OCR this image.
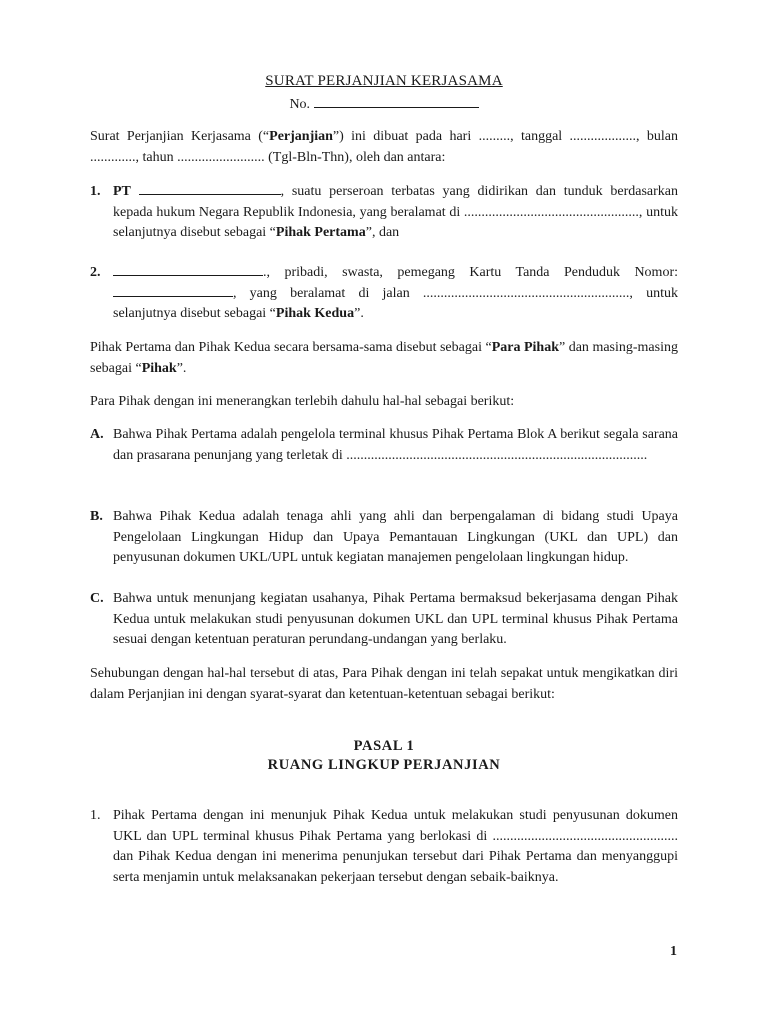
SURAT PERJANJIAN KERJASAMA
No.
Surat Perjanjian Kerjasama (“Perjanjian”) ini dibuat pada hari ........., tanggal ..................., bulan ............., tahun ......................... (Tgl-Bln-Thn), oleh dan antara:
1. PT	, suatu perseroan terbatas yang didirikan dan tunduk berdasarkan kepada hukum Negara Republik Indonesia, yang beralamat di .................................................., untuk selanjutnya disebut sebagai “Pihak Pertama”, dan
2.	., pribadi, swasta, pemegang Kartu Tanda Penduduk Nomor:, yang beralamat di jalan ..........................................................., untuk selanjutnya disebut sebagai “Pihak Kedua”.
Pihak Pertama dan Pihak Kedua secara bersama-sama disebut sebagai “Para Pihak” dan masing-masing sebagai “Pihak”.
Para Pihak dengan ini menerangkan terlebih dahulu hal-hal sebagai berikut:
A. Bahwa Pihak Pertama adalah pengelola terminal khusus Pihak Pertama Blok A berikut segala sarana dan prasarana penunjang yang terletak di ......................................................................................
B. Bahwa Pihak Kedua adalah tenaga ahli yang ahli dan berpengalaman di bidang studi Upaya Pengelolaan Lingkungan Hidup dan Upaya Pemantauan Lingkungan (UKL dan UPL) dan penyusunan dokumen UKL/UPL untuk kegiatan manajemen pengelolaan lingkungan hidup.
C. Bahwa untuk menunjang kegiatan usahanya, Pihak Pertama bermaksud bekerjasama dengan Pihak Kedua untuk melakukan studi penyusunan dokumen UKL dan UPL terminal khusus Pihak Pertama sesuai dengan ketentuan peraturan perundang-undangan yang berlaku.
Sehubungan dengan hal-hal tersebut di atas, Para Pihak dengan ini telah sepakat untuk mengikatkan diri dalam Perjanjian ini dengan syarat-syarat dan ketentuan-ketentuan sebagai berikut:
PASAL 1
RUANG LINGKUP PERJANJIAN
1. Pihak Pertama dengan ini menunjuk Pihak Kedua untuk melakukan studi penyusunan dokumen UKL dan UPL terminal khusus Pihak Pertama yang berlokasi di ..................................................... dan Pihak Kedua dengan ini menerima penunjukan tersebut dari Pihak Pertama dan menyanggupi serta menjamin untuk melaksanakan pekerjaan tersebut dengan sebaik-baiknya.
1
